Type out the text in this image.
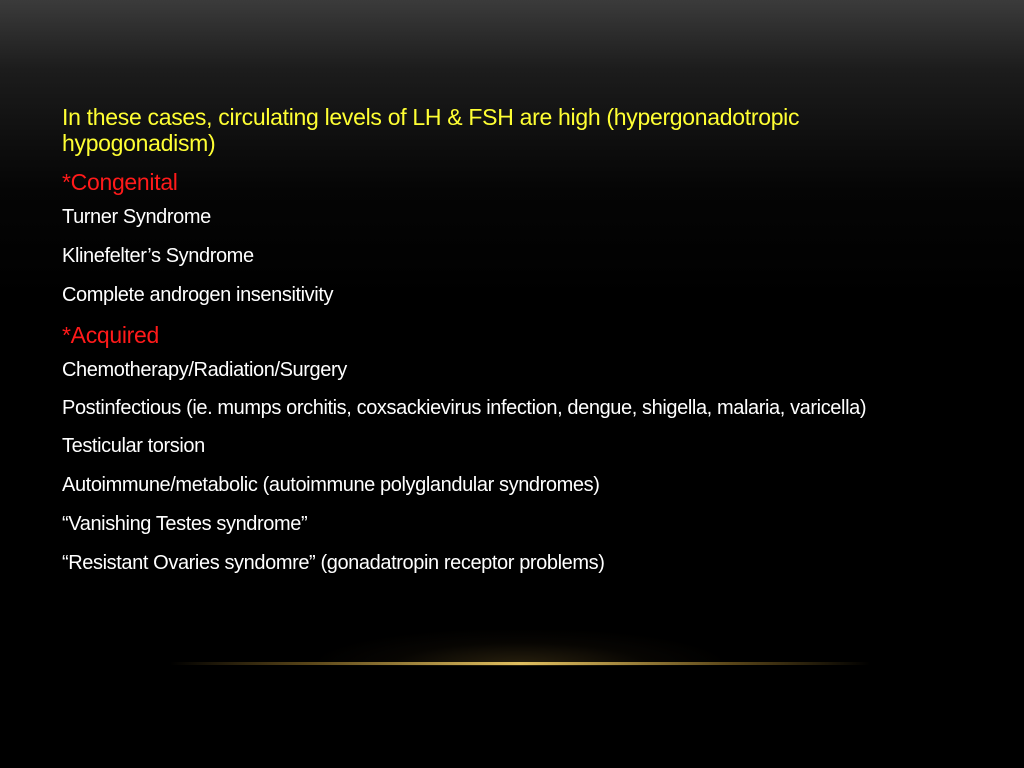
In these cases, circulating levels of LH & FSH are high (hypergonadotropic hypogonadism)
*Congenital
Turner Syndrome
Klinefelter’s Syndrome
Complete androgen insensitivity
*Acquired
Chemotherapy/Radiation/Surgery
Postinfectious (ie. mumps orchitis, coxsackievirus infection, dengue, shigella, malaria, varicella)
Testicular torsion
Autoimmune/metabolic (autoimmune polyglandular syndromes)
“Vanishing Testes syndrome”
“Resistant Ovaries syndomre” (gonadatropin receptor problems)
